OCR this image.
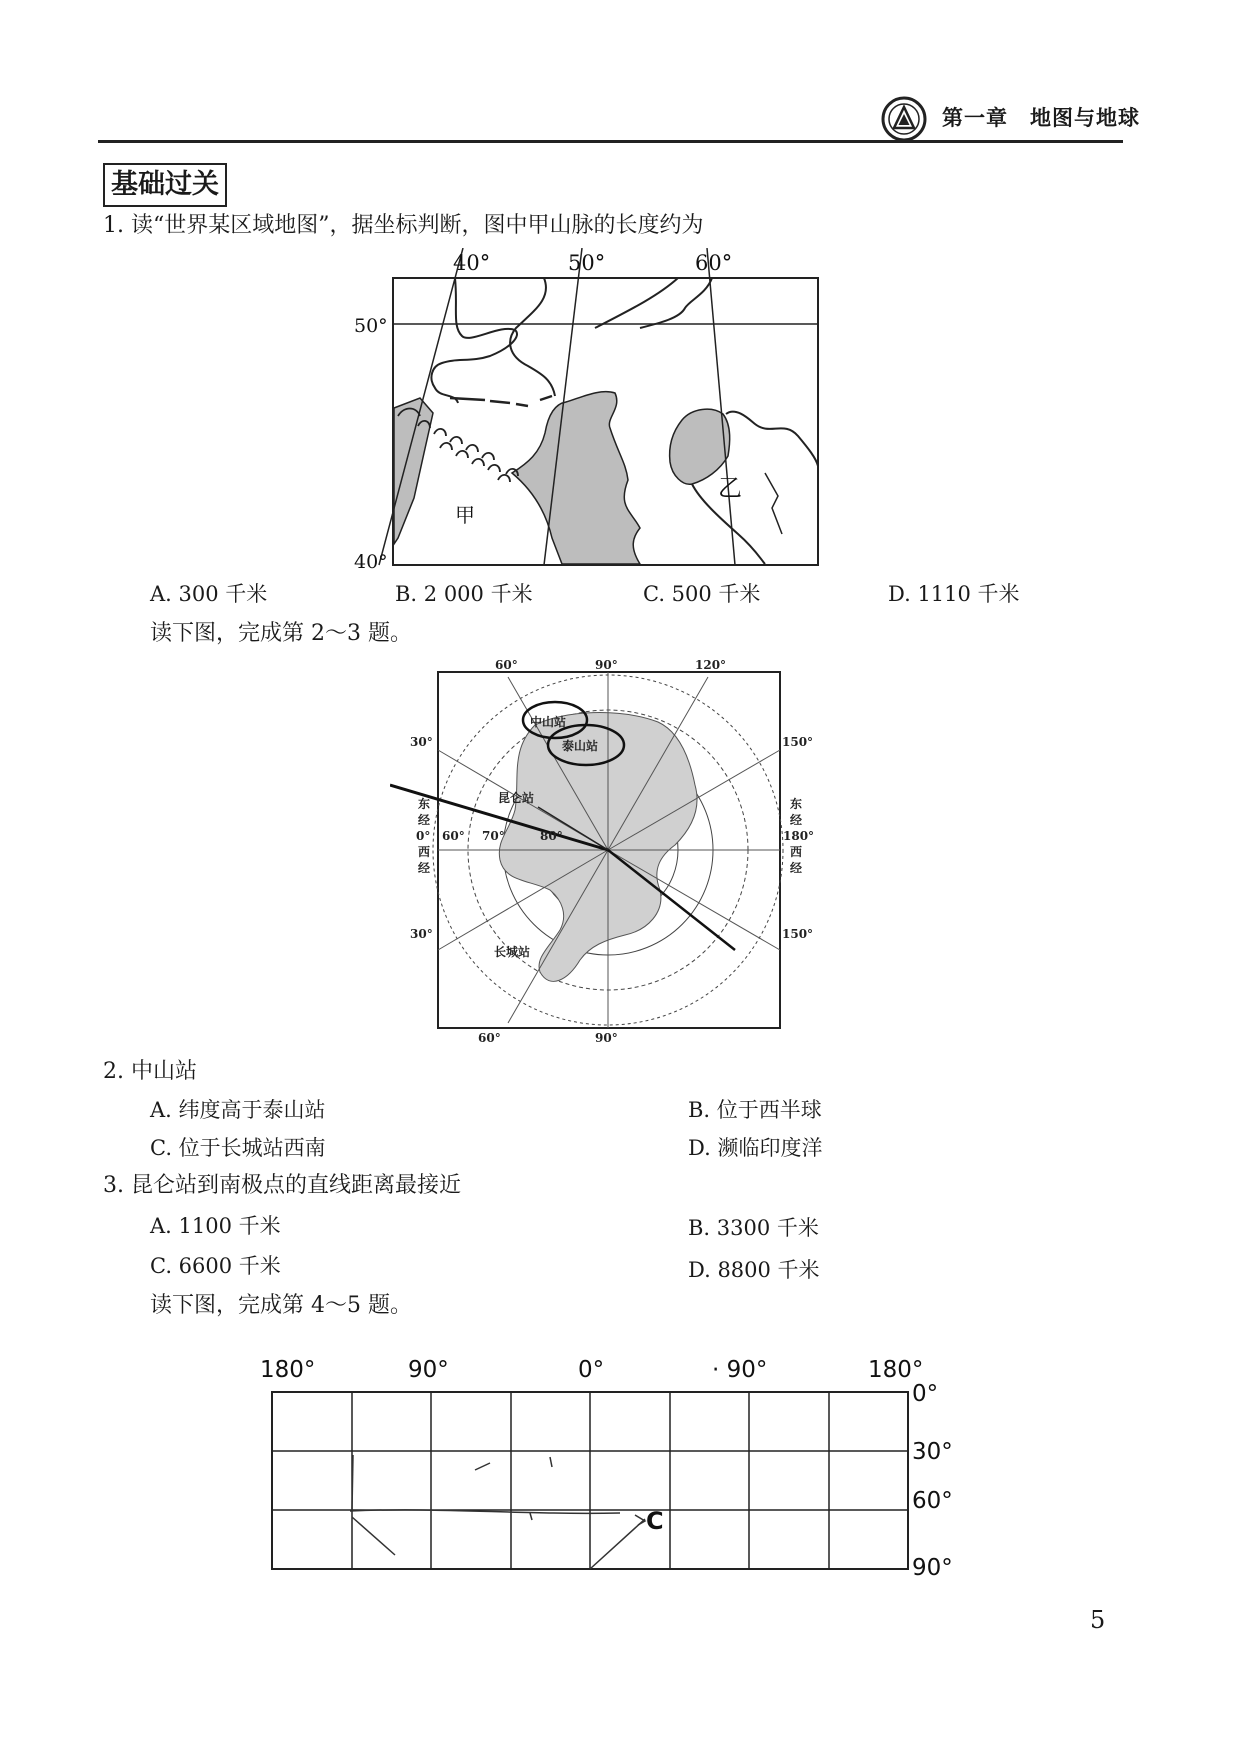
第一章　地图与地球
基础过关
1. 读“世界某区域地图”，据坐标判断，图中甲山脉的长度约为
40°	50°	60°
50°
40°
甲
乙
A. 300 千米	B. 2 000 千米	C. 500 千米	D. 1110 千米
读下图，完成第 2～3 题。
60°	90°	120°
60°	90°
30°
30°
150°
150°
东
经
0°
西
经
东
经
180°
西
经
60° 70°	80°
中山站
泰山站
昆仑站
长城站
2. 中山站
A. 纬度高于泰山站	B. 位于西半球
C. 位于长城站西南	D. 濒临印度洋
3. 昆仑站到南极点的直线距离最接近
A. 1100 千米	B. 3300 千米
C. 6600 千米	D. 8800 千米
读下图，完成第 4～5 题。
180°	90°	0°	· 90°	180°
0°
30°
60°
90°
C
5
